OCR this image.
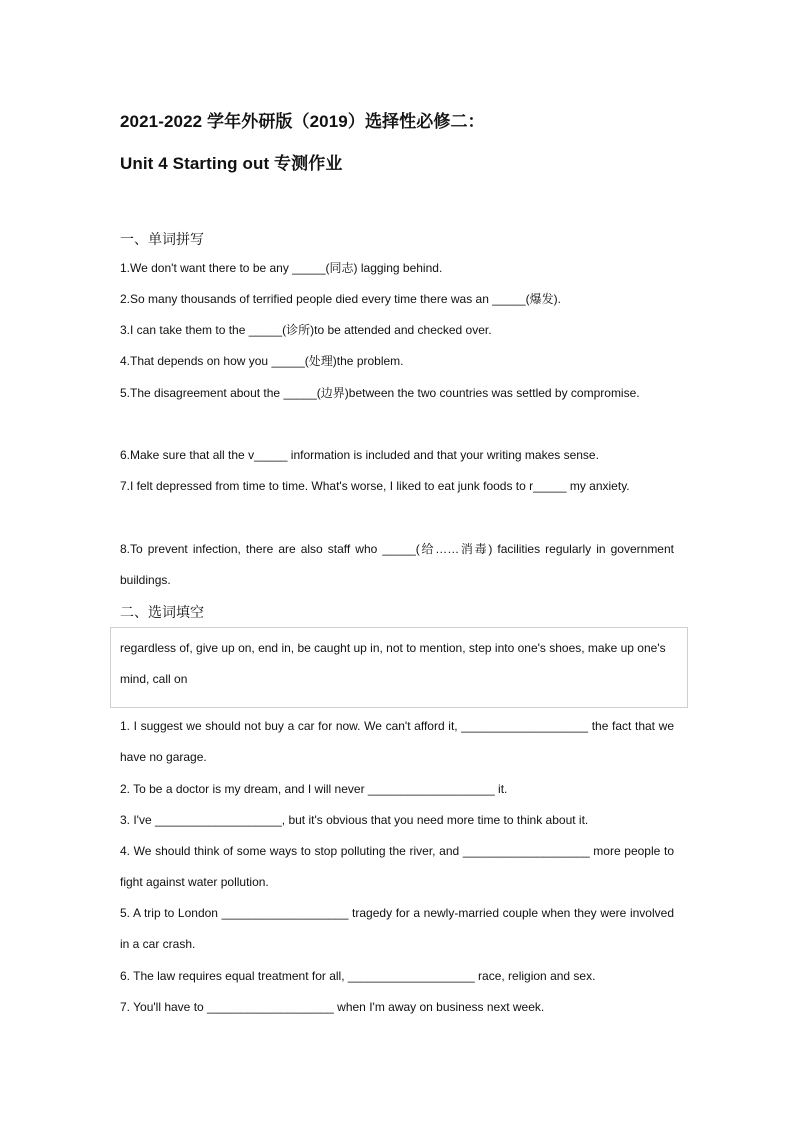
2021-2022 学年外研版（2019）选择性必修二：
Unit 4 Starting out 专测作业
一、单词拼写
1.We don't want there to be any _____(同志) lagging behind.
2.So many thousands of terrified people died every time there was an _____(爆发).
3.I can take them to the _____(诊所)to be attended and checked over.
4.That depends on how you _____(处理)the problem.
5.The disagreement about the _____(边界)between the two countries was settled by compromise.
6.Make sure that all the v_____ information is included and that your writing makes sense.
7.I felt depressed from time to time. What's worse, I liked to eat junk foods to r_____ my anxiety.
8.To prevent infection, there are also staff who _____(给……消毒) facilities regularly in government buildings.
二、选词填空
regardless of, give up on, end in, be caught up in, not to mention, step into one's shoes, make up one's mind, call on
1. I suggest we should not buy a car for now. We can't afford it, ___________________ the fact that we have no garage.
2. To be a doctor is my dream, and I will never ___________________ it.
3. I've ___________________, but it's obvious that you need more time to think about it.
4. We should think of some ways to stop polluting the river, and ___________________ more people to fight against water pollution.
5. A trip to London ___________________ tragedy for a newly-married couple when they were involved in a car crash.
6. The law requires equal treatment for all, ___________________ race, religion and sex.
7. You'll have to ___________________ when I'm away on business next week.
